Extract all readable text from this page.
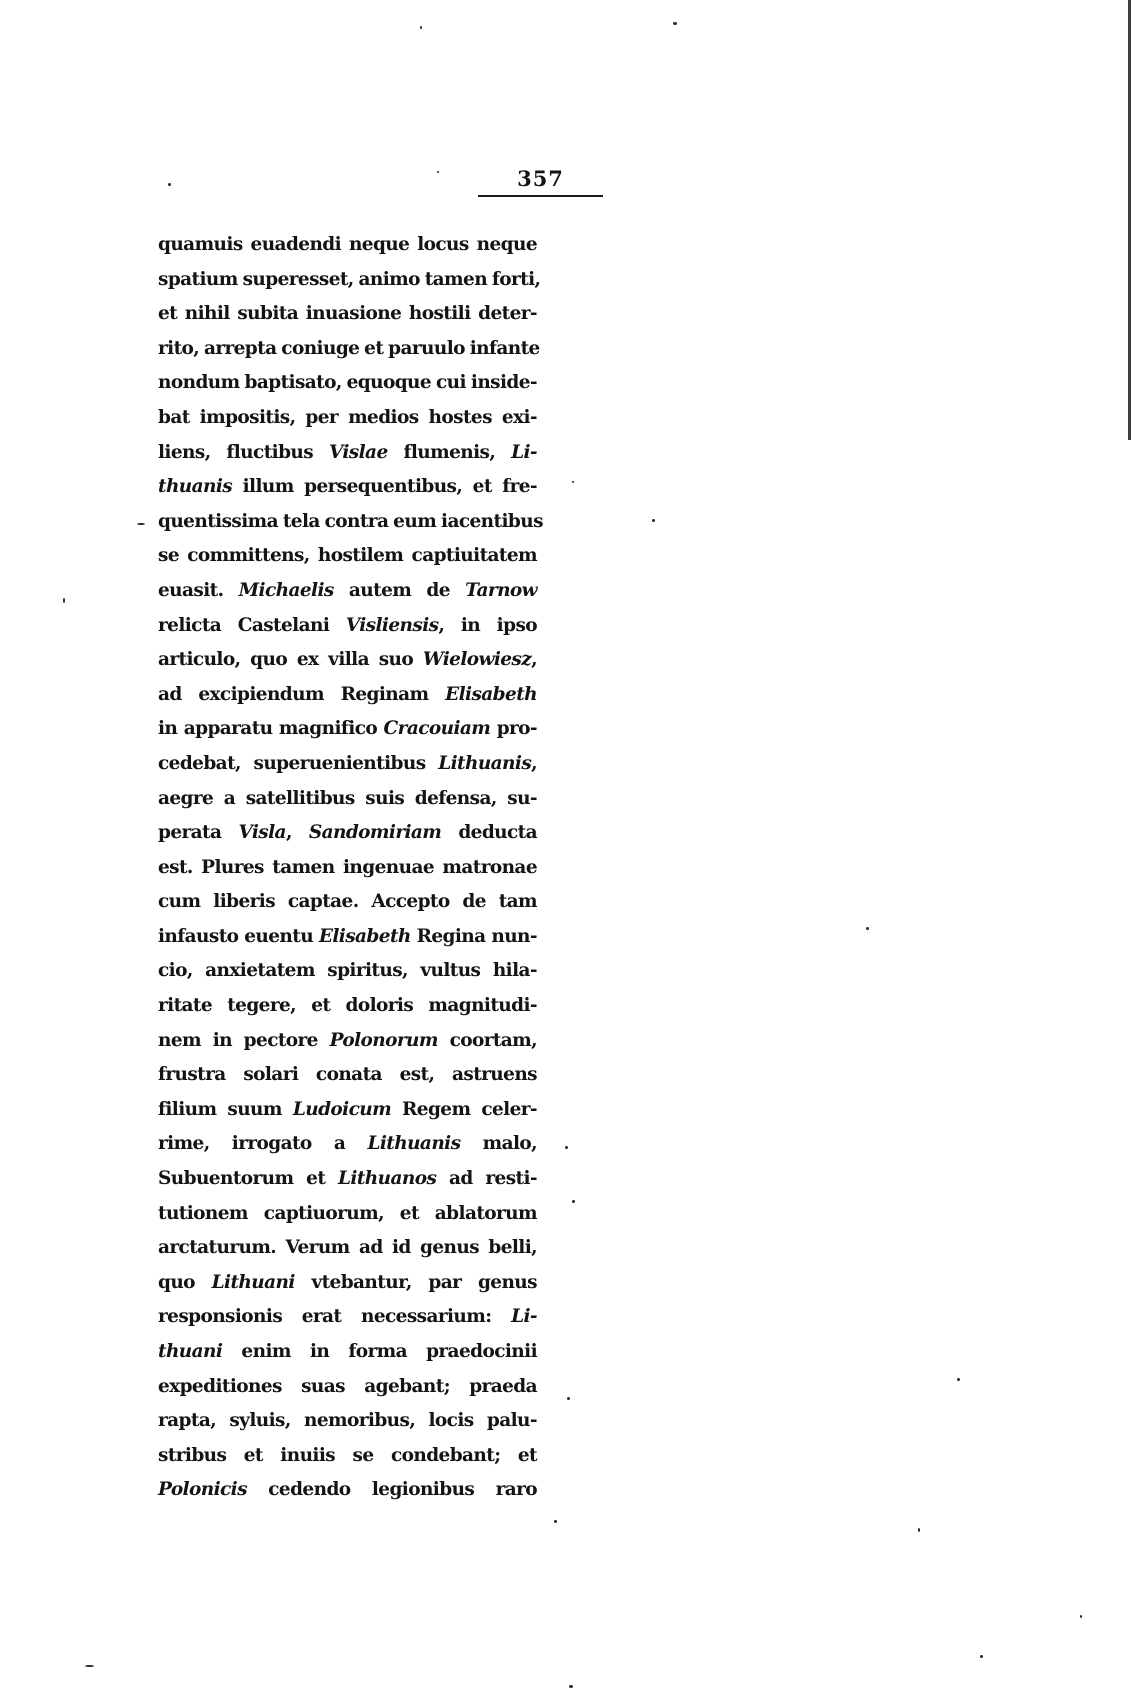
357
quamuis euadendi neque locus neque
spatium superesset, animo tamen forti,
et nihil subita inuasione hostili deter-
rito, arrepta coniuge et paruulo infante
nondum baptisato, equoque cui inside-
bat impositis, per medios hostes exi-
liens, fluctibus Vislae flumenis, Li-
thuanis illum persequentibus, et fre-
quentissima tela contra eum iacentibus
se committens, hostilem captiuitatem
euasit. Michaelis autem de Tarnow
relicta Castelani Visliensis, in ipso
articulo, quo ex villa suo Wielowiesz,
ad excipiendum Reginam Elisabeth
in apparatu magnifico Cracouiam pro-
cedebat, superuenientibus Lithuanis,
aegre a satellitibus suis defensa, su-
perata Visla, Sandomiriam deducta
est. Plures tamen ingenuae matronae
cum liberis captae. Accepto de tam
infausto euentu Elisabeth Regina nun-
cio, anxietatem spiritus, vultus hila-
ritate tegere, et doloris magnitudi-
nem in pectore Polonorum coortam,
frustra solari conata est, astruens
filium suum Ludoicum Regem celer-
rime, irrogato a Lithuanis malo,
Subuentorum et Lithuanos ad resti-
tutionem captiuorum, et ablatorum
arctaturum. Verum ad id genus belli,
quo Lithuani vtebantur, par genus
responsionis erat necessarium: Li-
thuani enim in forma praedocinii
expeditiones suas agebant; praeda
rapta, syluis, nemoribus, locis palu-
stribus et inuiis se condebant; et
Polonicis cedendo legionibus raro
